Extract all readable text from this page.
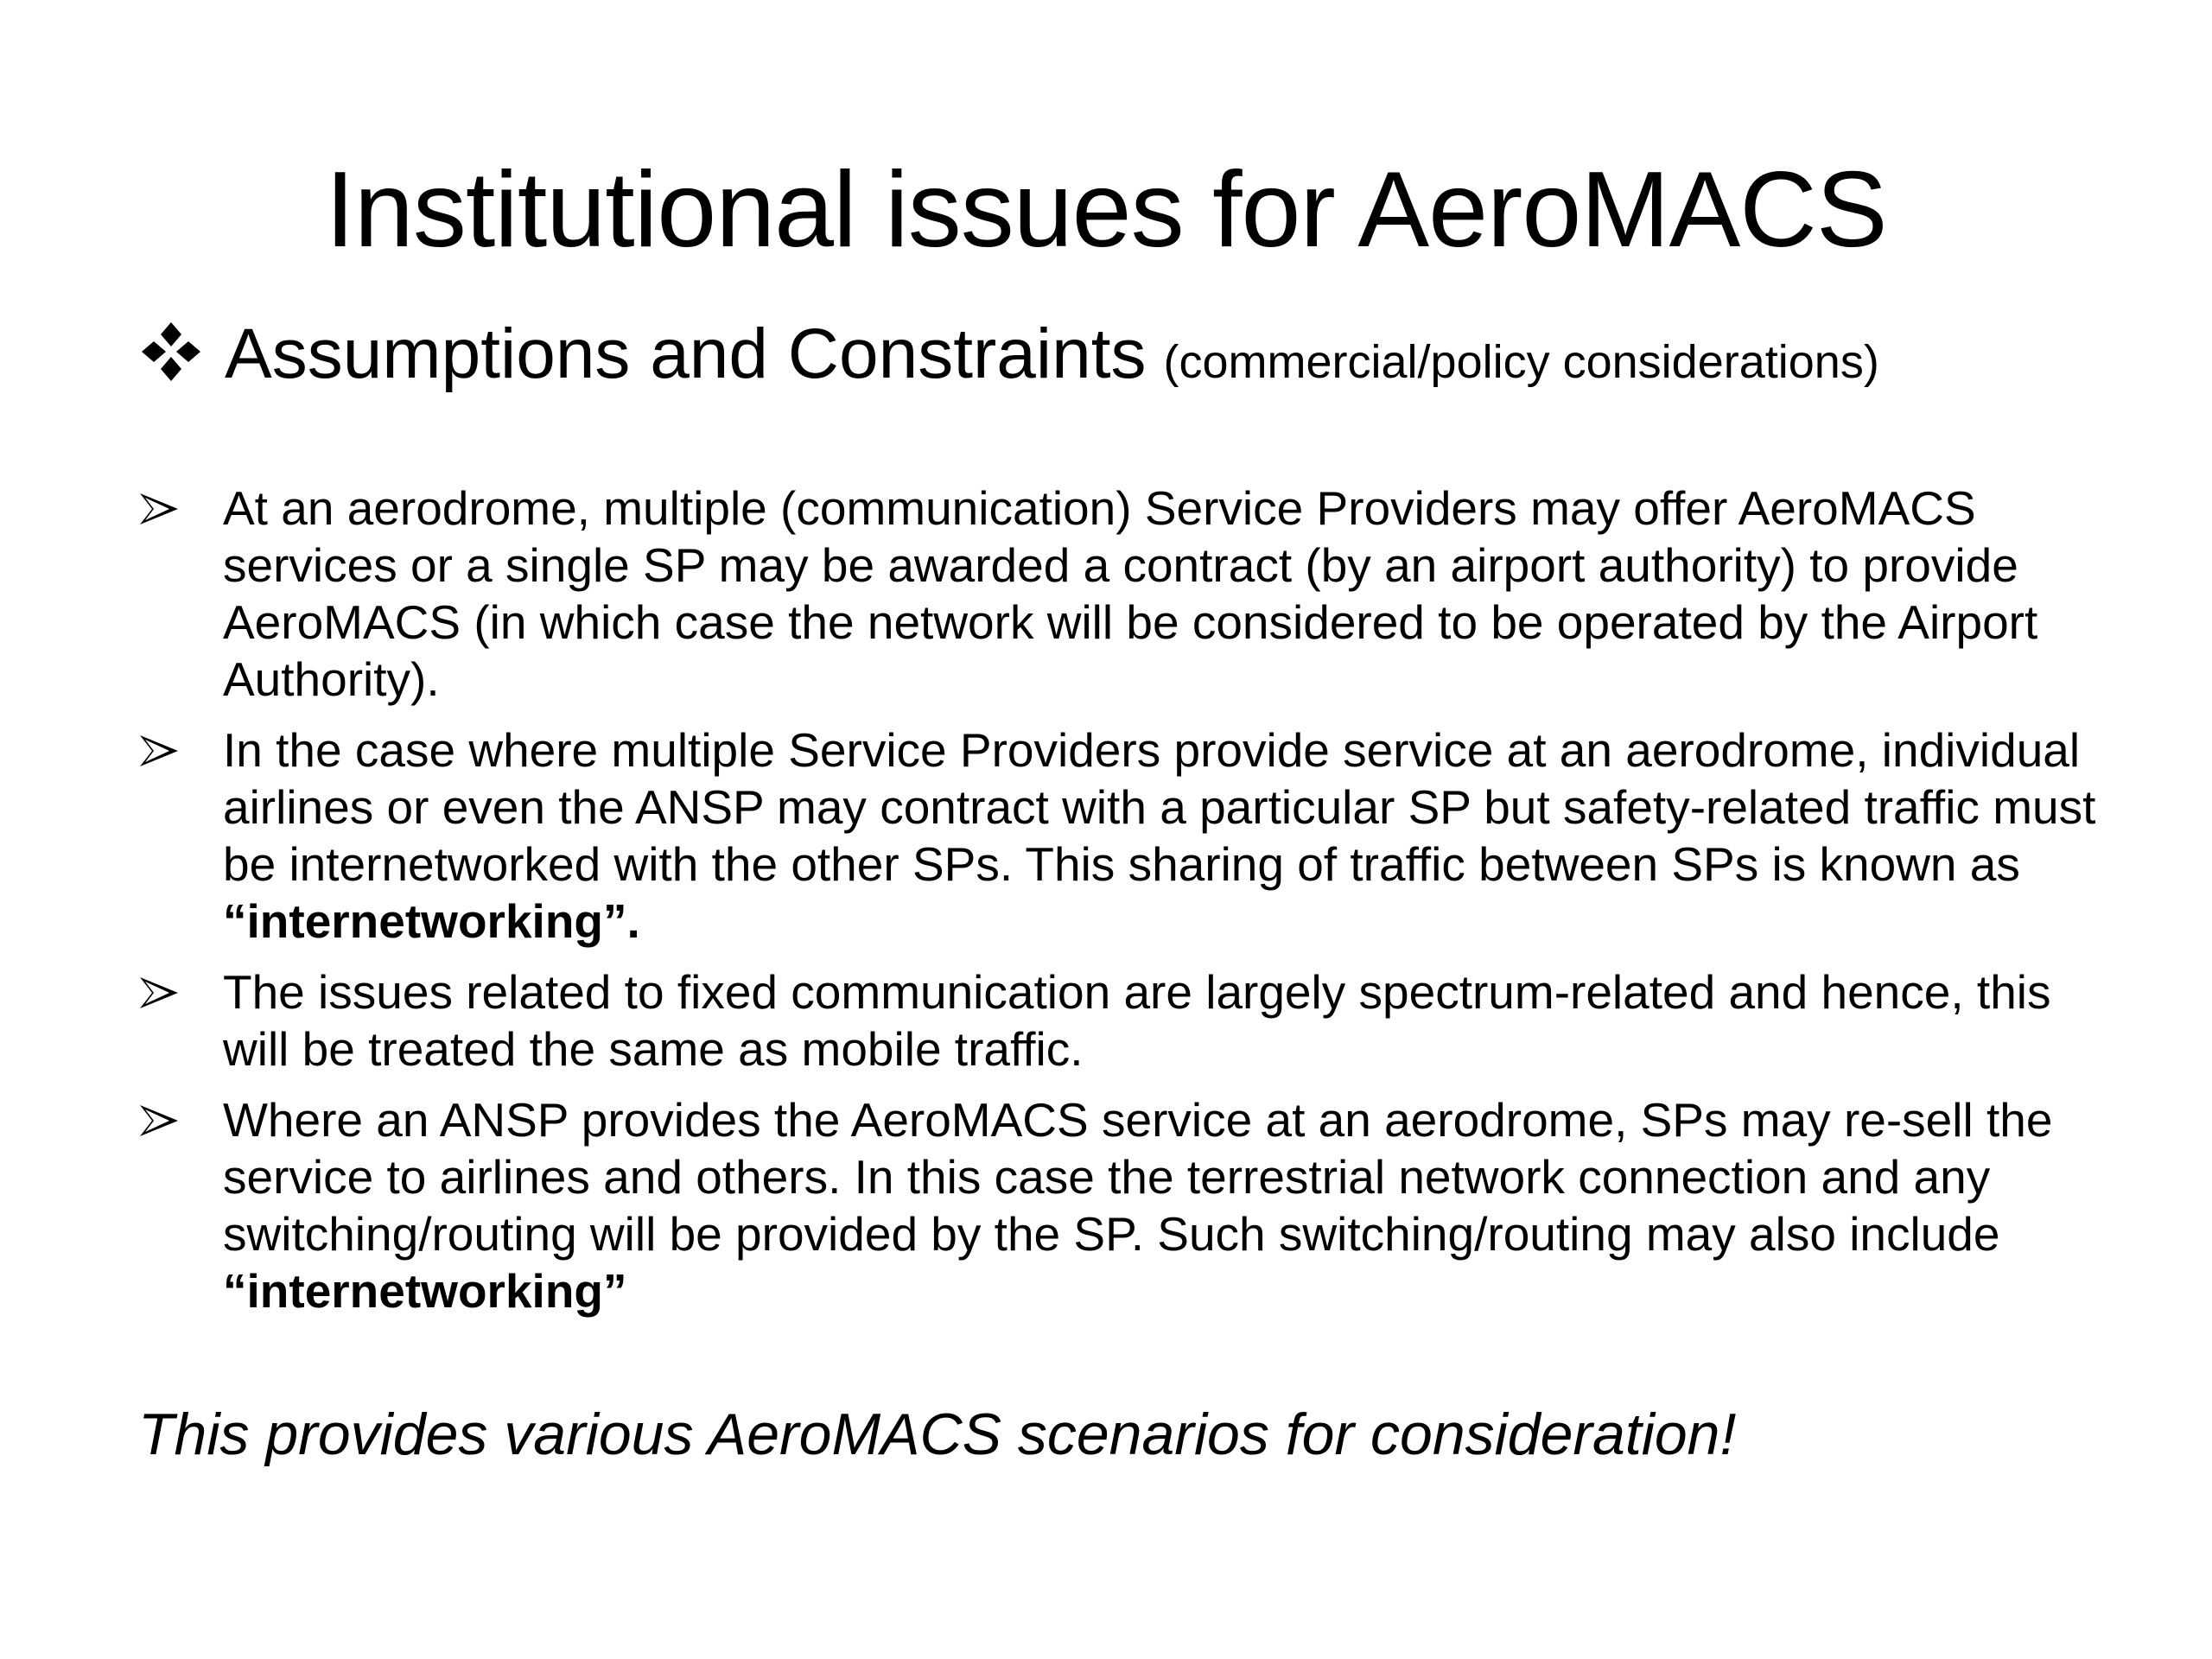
Institutional issues for AeroMACS
Assumptions and Constraints (commercial/policy considerations)
At an aerodrome, multiple (communication) Service Providers may offer AeroMACS services or a single SP may be awarded a contract (by an airport authority) to provide AeroMACS (in which case the network will be considered to be operated by the Airport Authority).
In the case where multiple Service Providers provide service at an aerodrome, individual airlines or even the ANSP may contract with a particular SP but safety-related traffic must be internetworked with the other SPs. This sharing of traffic between SPs is known as “internetworking”.
The issues related to fixed communication are largely spectrum-related and hence, this will be treated the same as mobile traffic.
Where an ANSP provides the AeroMACS service at an aerodrome, SPs may re-sell the service to airlines and others. In this case the terrestrial network connection and any switching/routing will be provided by the SP. Such switching/routing may also include “internetworking”
This provides various AeroMACS scenarios for consideration!
